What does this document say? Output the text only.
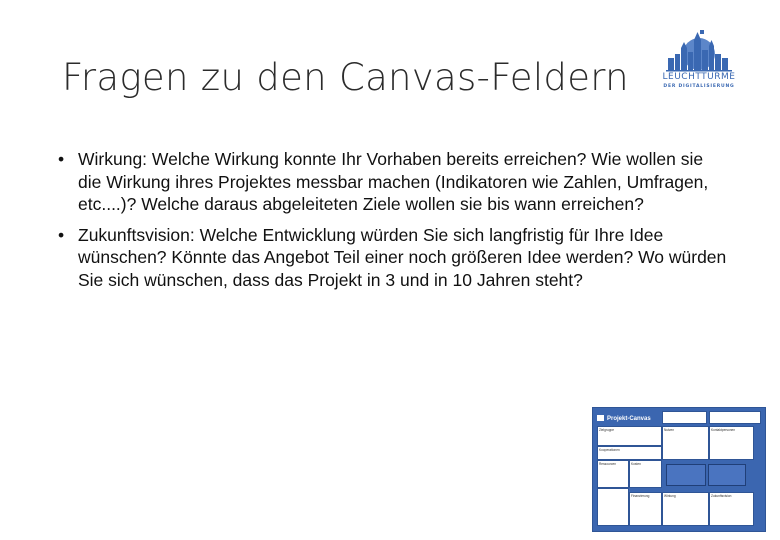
Fragen zu den Canvas-Feldern	LEUCHTTÜRME
DER DIGITALISIERUNG
• Wirkung: Welche Wirkung konnte Ihr Vorhaben bereits erreichen? Wie wollen sie die Wirkung ihres Projektes messbar machen (Indikatoren wie Zahlen, Umfragen, etc....)? Welche daraus abgeleiteten Ziele wollen sie bis wann erreichen?
• Zukunftsvision: Welche Entwicklung würden Sie sich langfristig für Ihre Idee wünschen? Könnte das Angebot Teil einer noch größeren Idee werden? Wo würden Sie sich wünschen, dass das Projekt in 3 und in 10 Jahren steht?
Projekt-Canvas
Zielgruppe	Nutzen	Kontaktpersonen
Kooperationen
Ressourcen	Kosten
Finanzierung	Wirkung	Zukunftsvision
